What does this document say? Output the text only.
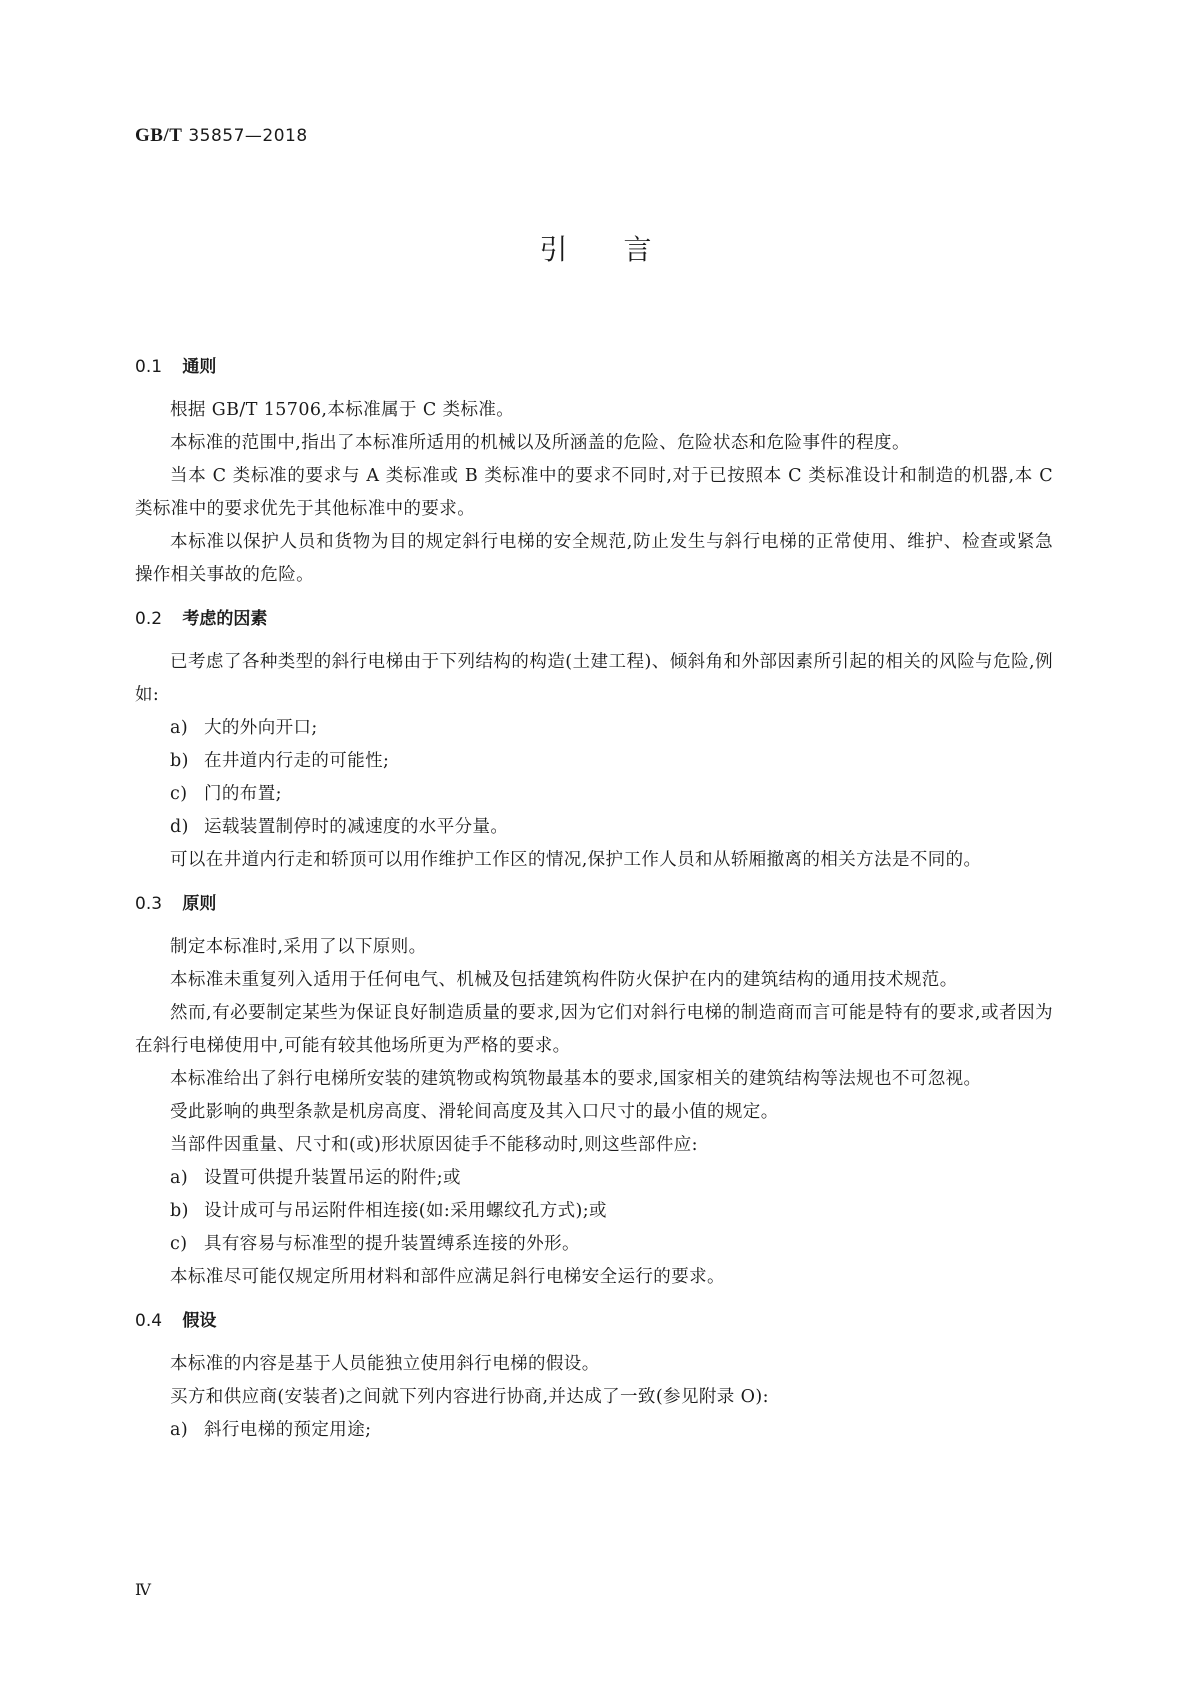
GB/T 35857—2018
引言
0.1 通则

根据 GB/T 15706,本标准属于 C 类标准。

本标准的范围中,指出了本标准所适用的机械以及所涵盖的危险、危险状态和危险事件的程度。

当本 C 类标准的要求与 A 类标准或 B 类标准中的要求不同时,对于已按照本 C 类标准设计和制造的机器,本 C 类标准中的要求优先于其他标准中的要求。

本标准以保护人员和货物为目的规定斜行电梯的安全规范,防止发生与斜行电梯的正常使用、维护、检查或紧急操作相关事故的危险。

0.2 考虑的因素

已考虑了各种类型的斜行电梯由于下列结构的构造(土建工程)、倾斜角和外部因素所引起的相关的风险与危险,例如:

a) 大的外向开口;

b) 在井道内行走的可能性;

c) 门的布置;

d) 运载装置制停时的减速度的水平分量。

可以在井道内行走和轿顶可以用作维护工作区的情况,保护工作人员和从轿厢撤离的相关方法是不同的。

0.3 原则

制定本标准时,采用了以下原则。

本标准未重复列入适用于任何电气、机械及包括建筑构件防火保护在内的建筑结构的通用技术规范。

然而,有必要制定某些为保证良好制造质量的要求,因为它们对斜行电梯的制造商而言可能是特有的要求,或者因为在斜行电梯使用中,可能有较其他场所更为严格的要求。

本标准给出了斜行电梯所安装的建筑物或构筑物最基本的要求,国家相关的建筑结构等法规也不可忽视。

受此影响的典型条款是机房高度、滑轮间高度及其入口尺寸的最小值的规定。

当部件因重量、尺寸和(或)形状原因徒手不能移动时,则这些部件应:

a) 设置可供提升装置吊运的附件;或

b) 设计成可与吊运附件相连接(如:采用螺纹孔方式);或

c) 具有容易与标准型的提升装置缚系连接的外形。

本标准尽可能仅规定所用材料和部件应满足斜行电梯安全运行的要求。

0.4 假设

本标准的内容是基于人员能独立使用斜行电梯的假设。

买方和供应商(安装者)之间就下列内容进行协商,并达成了一致(参见附录 O):

a) 斜行电梯的预定用途;

Ⅳ
